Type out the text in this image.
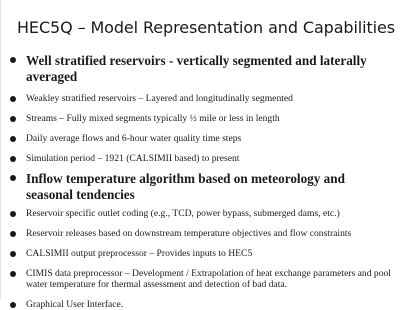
HEC5Q – Model Representation and Capabilities
Well stratified reservoirs - vertically segmented and laterally averaged
Weakley stratified reservoirs – Layered and longitudinally segmented
Streams – Fully mixed segments typically ½ mile or less in length
Daily average flows and 6-hour water quality time steps
Simulation period – 1921 (CALSIMII based) to present
Inflow temperature algorithm based on meteorology and seasonal tendencies
Reservoir specific outlet coding (e.g., TCD, power bypass, submerged dams, etc.)
Reservoir releases based on downstream temperature objectives and flow constraints
CALSIMII output preprocessor – Provides inputs to HEC5
CIMIS data preprocessor – Development / Extrapolation of heat exchange parameters and pool water temperature for thermal assessment and detection of bad data.
Graphical User Interface.
